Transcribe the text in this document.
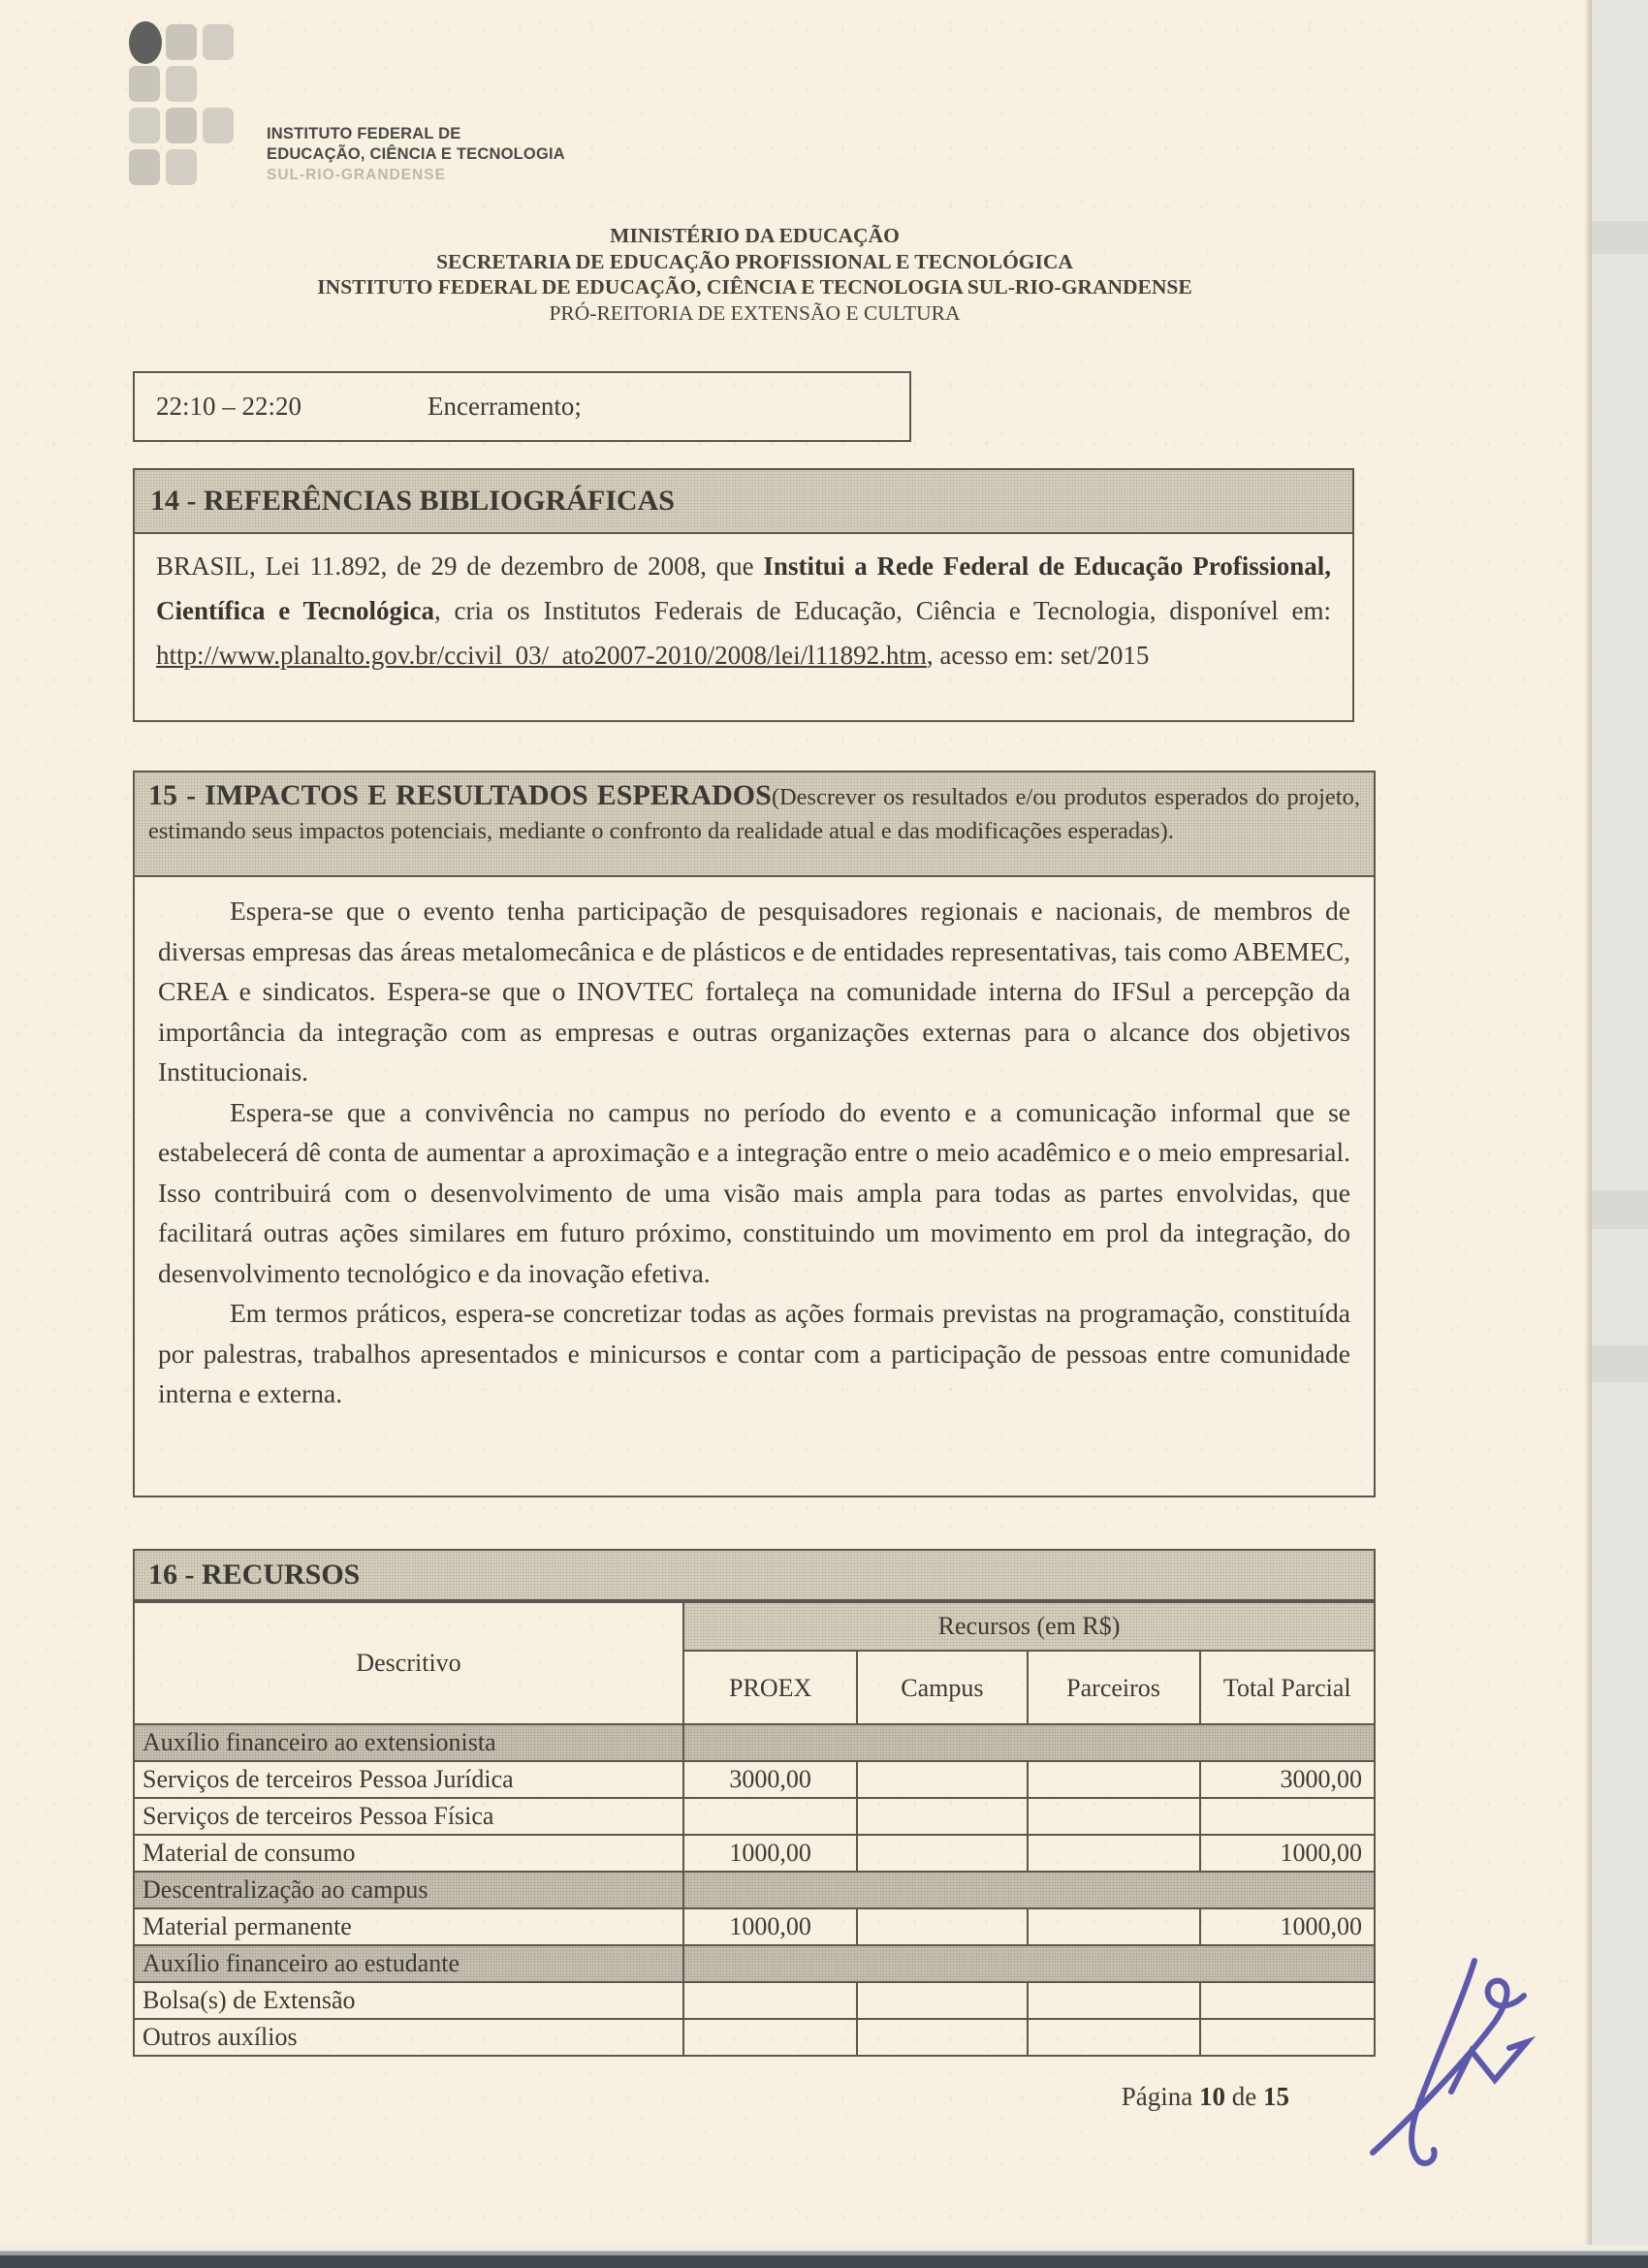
INSTITUTO FEDERAL DE
EDUCAÇÃO, CIÊNCIA E TECNOLOGIA
SUL-RIO-GRANDENSE
MINISTÉRIO DA EDUCAÇÃO
SECRETARIA DE EDUCAÇÃO PROFISSIONAL E TECNOLÓGICA
INSTITUTO FEDERAL DE EDUCAÇÃO, CIÊNCIA E TECNOLOGIA SUL-RIO-GRANDENSE
PRÓ-REITORIA DE EXTENSÃO E CULTURA
22:10 – 22:20	Encerramento;
14 - REFERÊNCIAS BIBLIOGRÁFICAS
BRASIL, Lei 11.892, de 29 de dezembro de 2008, que Institui a Rede Federal de Educação Profissional, Científica e Tecnológica, cria os Institutos Federais de Educação, Ciência e Tecnologia, disponível em: http://www.planalto.gov.br/ccivil_03/_ato2007-2010/2008/lei/l11892.htm, acesso em: set/2015
15 - IMPACTOS E RESULTADOS ESPERADOS(Descrever os resultados e/ou produtos esperados do projeto, estimando seus impactos potenciais, mediante o confronto da realidade atual e das modificações esperadas).

Espera-se que o evento tenha participação de pesquisadores regionais e nacionais, de membros de diversas empresas das áreas metalomecânica e de plásticos e de entidades representativas, tais como ABEMEC, CREA e sindicatos. Espera-se que o INOVTEC fortaleça na comunidade interna do IFSul a percepção da importância da integração com as empresas e outras organizações externas para o alcance dos objetivos Institucionais.

Espera-se que a convivência no campus no período do evento e a comunicação informal que se estabelecerá dê conta de aumentar a aproximação e a integração entre o meio acadêmico e o meio empresarial. Isso contribuirá com o desenvolvimento de uma visão mais ampla para todas as partes envolvidas, que facilitará outras ações similares em futuro próximo, constituindo um movimento em prol da integração, do desenvolvimento tecnológico e da inovação efetiva.

Em termos práticos, espera-se concretizar todas as ações formais previstas na programação, constituída por palestras, trabalhos apresentados e minicursos e contar com a participação de pessoas entre comunidade interna e externa.

16 - RECURSOS
Descritivo	Recursos (em R$)			
	PROEX	Campus	Parceiros	Total Parcial
Auxílio financeiro ao extensionista				
Serviços de terceiros Pessoa Jurídica	3000,00			3000,00
Serviços de terceiros Pessoa Física				
Material de consumo	1000,00			1000,00
Descentralização ao campus				
Material permanente	1000,00			1000,00
Auxílio financeiro ao estudante				
Bolsa(s) de Extensão				
Outros auxílios				
Página 10 de 15
